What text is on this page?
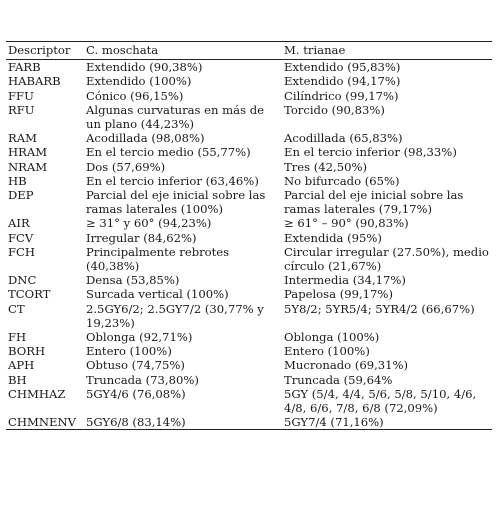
Descriptor	C. moschata	M. trianae
FARB	Extendido (90,38%)	Extendido (95,83%)
HABARB	Extendido (100%)	Extendido (94,17%)
FFU	Cónico (96,15%)	Cilíndrico (99,17%)
RFU	Algunas curvaturas en más de un plano (44,23%)	Torcido (90,83%)
RAM	Acodillada (98,08%)	Acodillada (65,83%)
HRAM	En el tercio medio (55,77%)	En el tercio inferior (98,33%)
NRAM	Dos (57,69%)	Tres (42,50%)
HB	En el tercio inferior (63,46%)	No bifurcado (65%)
DEP	Parcial del eje inicial sobre las ramas laterales (100%)	Parcial del eje inicial sobre las ramas laterales (79,17%)
AIR	≥ 31° y 60° (94,23%)	≥ 61° – 90° (90,83%)
FCV	Irregular (84,62%)	Extendida (95%)
FCH	Principalmente rebrotes (40,38%)	Circular irregular (27.50%), medio círculo (21,67%)
DNC	Densa (53,85%)	Intermedia (34,17%)
TCORT	Surcada vertical (100%)	Papelosa (99,17%)
CT	2.5GY6/2; 2.5GY7/2 (30,77% y 19,23%)	5Y8/2; 5YR5/4; 5YR4/2 (66,67%)
FH	Oblonga (92,71%)	Oblonga (100%)
BORH	Entero (100%)	Entero (100%)
APH	Obtuso (74,75%)	Mucronado (69,31%)
BH	Truncada (73,80%)	Truncada (59,64%
CHMHAZ	5GY4/6 (76,08%)	5GY (5/4, 4/4, 5/6, 5/8, 5/10, 4/6, 4/8, 6/6, 7/8, 6/8 (72,09%)
CHMNENV	5GY6/8 (83,14%)	5GY7/4 (71,16%)
